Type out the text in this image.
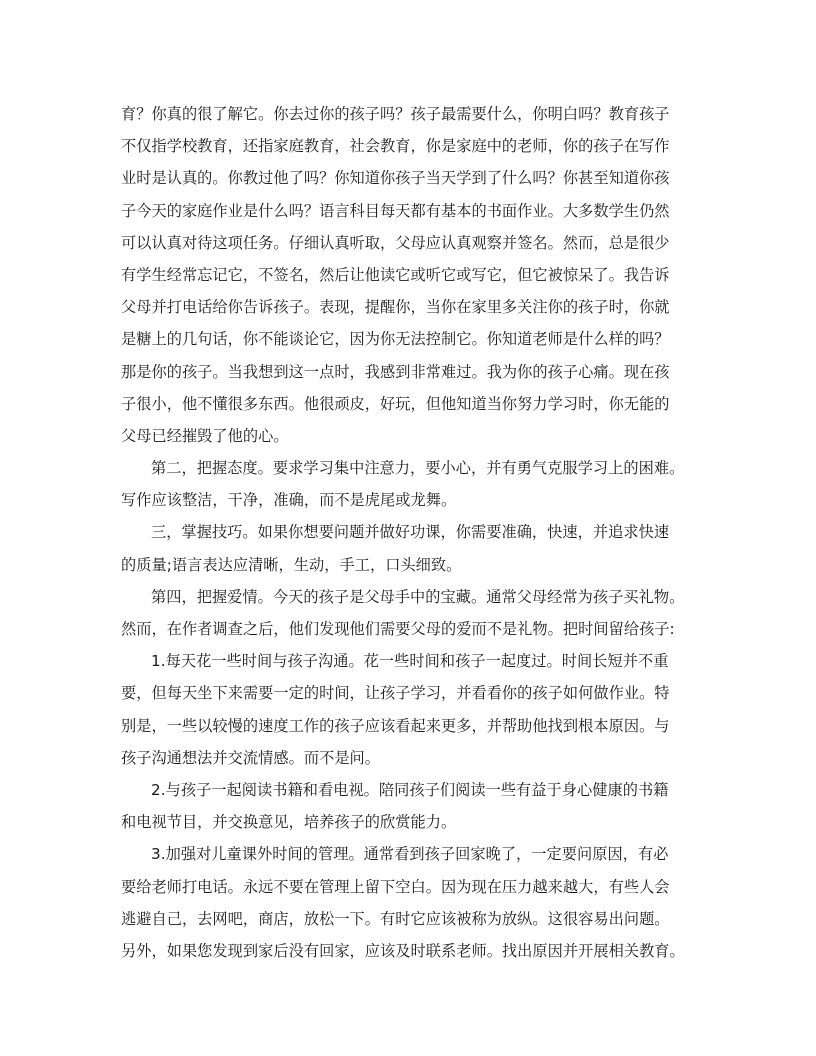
育？你真的很了解它。你去过你的孩子吗？孩子最需要什么，你明白吗？教育孩子
不仅指学校教育，还指家庭教育，社会教育，你是家庭中的老师，你的孩子在写作
业时是认真的。你教过他了吗？你知道你孩子当天学到了什么吗？你甚至知道你孩
子今天的家庭作业是什么吗？语言科目每天都有基本的书面作业。大多数学生仍然
可以认真对待这项任务。仔细认真听取，父母应认真观察并签名。然而，总是很少
有学生经常忘记它，不签名，然后让他读它或听它或写它，但它被惊呆了。我告诉
父母并打电话给你告诉孩子。表现，提醒你，当你在家里多关注你的孩子时，你就
是糖上的几句话，你不能谈论它，因为你无法控制它。你知道老师是什么样的吗？
那是你的孩子。当我想到这一点时，我感到非常难过。我为你的孩子心痛。现在孩
子很小，他不懂很多东西。他很顽皮，好玩，但他知道当你努力学习时，你无能的
父母已经摧毁了他的心。
第二，把握态度。要求学习集中注意力，要小心，并有勇气克服学习上的困难。
写作应该整洁，干净，准确，而不是虎尾或龙舞。
三，掌握技巧。如果你想要问题并做好功课，你需要准确，快速，并追求快速
的质量;语言表达应清晰，生动，手工，口头细致。
第四，把握爱情。今天的孩子是父母手中的宝藏。通常父母经常为孩子买礼物。
然而，在作者调查之后，他们发现他们需要父母的爱而不是礼物。把时间留给孩子:
1.每天花一些时间与孩子沟通。花一些时间和孩子一起度过。时间长短并不重
要，但每天坐下来需要一定的时间，让孩子学习，并看看你的孩子如何做作业。特
别是，一些以较慢的速度工作的孩子应该看起来更多，并帮助他找到根本原因。与
孩子沟通想法并交流情感。而不是问。
2.与孩子一起阅读书籍和看电视。陪同孩子们阅读一些有益于身心健康的书籍
和电视节目，并交换意见，培养孩子的欣赏能力。
3.加强对儿童课外时间的管理。通常看到孩子回家晚了，一定要问原因，有必
要给老师打电话。永远不要在管理上留下空白。因为现在压力越来越大，有些人会
逃避自己，去网吧，商店，放松一下。有时它应该被称为放纵。这很容易出问题。
另外，如果您发现到家后没有回家，应该及时联系老师。找出原因并开展相关教育。
